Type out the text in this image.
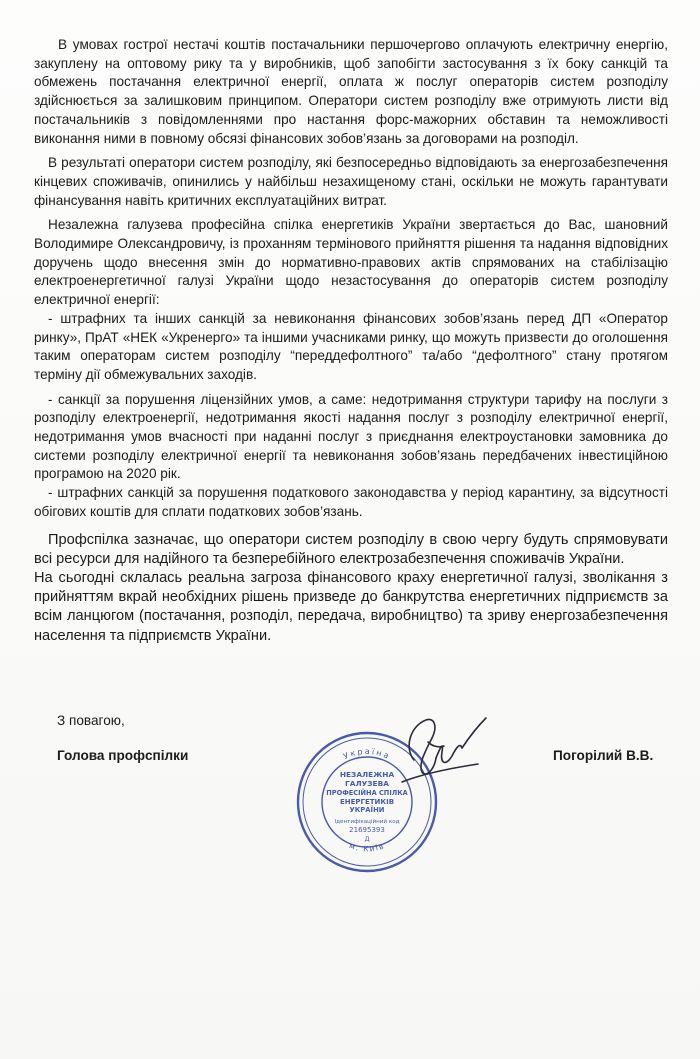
В умовах гострої нестачі коштів постачальники першочергово оплачують електричну енергію, закуплену на оптовому рику та у виробників, щоб запобігти застосування з їх боку санкцій та обмежень постачання електричної енергії, оплата ж послуг операторів систем розподілу здійснюється за залишковим принципом. Оператори систем розподілу вже отримують листи від постачальників з повідомленнями про настання форс-мажорних обставин та неможливості виконання ними в повному обсязі фінансових зобов’язань за договорами на розподіл.

В результаті оператори систем розподілу, які безпосередньо відповідають за енергозабезпечення кінцевих споживачів, опинились у найбільш незахищеному стані, оскільки не можуть гарантувати фінансування навіть критичних експлуатаційних витрат.

Незалежна галузева професійна спілка енергетиків України звертається до Вас, шановний Володимире Олександровичу, із проханням термінового прийняття рішення та надання відповідних доручень щодо внесення змін до нормативно-правових актів спрямованих на стабілізацію електроенергетичної галузі України щодо незастосування до операторів систем розподілу електричної енергії:

- штрафних та інших санкцій за невиконання фінансових зобов’язань перед ДП «Оператор ринку», ПрАТ «НЕК «Укренерго» та іншими учасниками ринку, що можуть призвести до оголошення таким операторам систем розподілу “переддефолтного” та/або “дефолтного” стану протягом терміну дії обмежувальних заходів.

- санкції за порушення ліцензійних умов, а саме: недотримання структури тарифу на послуги з розподілу електроенергії, недотримання якості надання послуг з розподілу електричної енергії, недотримання умов вчасності при наданні послуг з приєднання електроустановки замовника до системи розподілу електричної енергії та невиконання зобов’язань передбачених інвестиційною програмою на 2020 рік.

- штрафних санкцій за порушення податкового законодавства у період карантину, за відсутності обігових коштів для сплати податкових зобов’язань.

Профспілка зазначає, що оператори систем розподілу в свою чергу будуть спрямовувати всі ресурси для надійного та безперебійного електрозабезпечення споживачів України.

На сьогодні склалась реальна загроза фінансового краху енергетичної галузі, зволікання з прийняттям вкрай необхідних рішень призведе до банкрутства енергетичних підприємств за всім ланцюгом (постачання, розподіл, передача, виробництво) та зриву енергозабезпечення населення та підприємств України.

З повагою,
Голова профспілки	Погорілий В.В.
Україна
м. Київ
НЕЗАЛЕЖНА
ГАЛУЗЕВА
ПРОФЕСІЙНА СПІЛКА
ЕНЕРГЕТИКІВ
УКРАЇНИ
Ідентифікаційний код
21695393
Д
